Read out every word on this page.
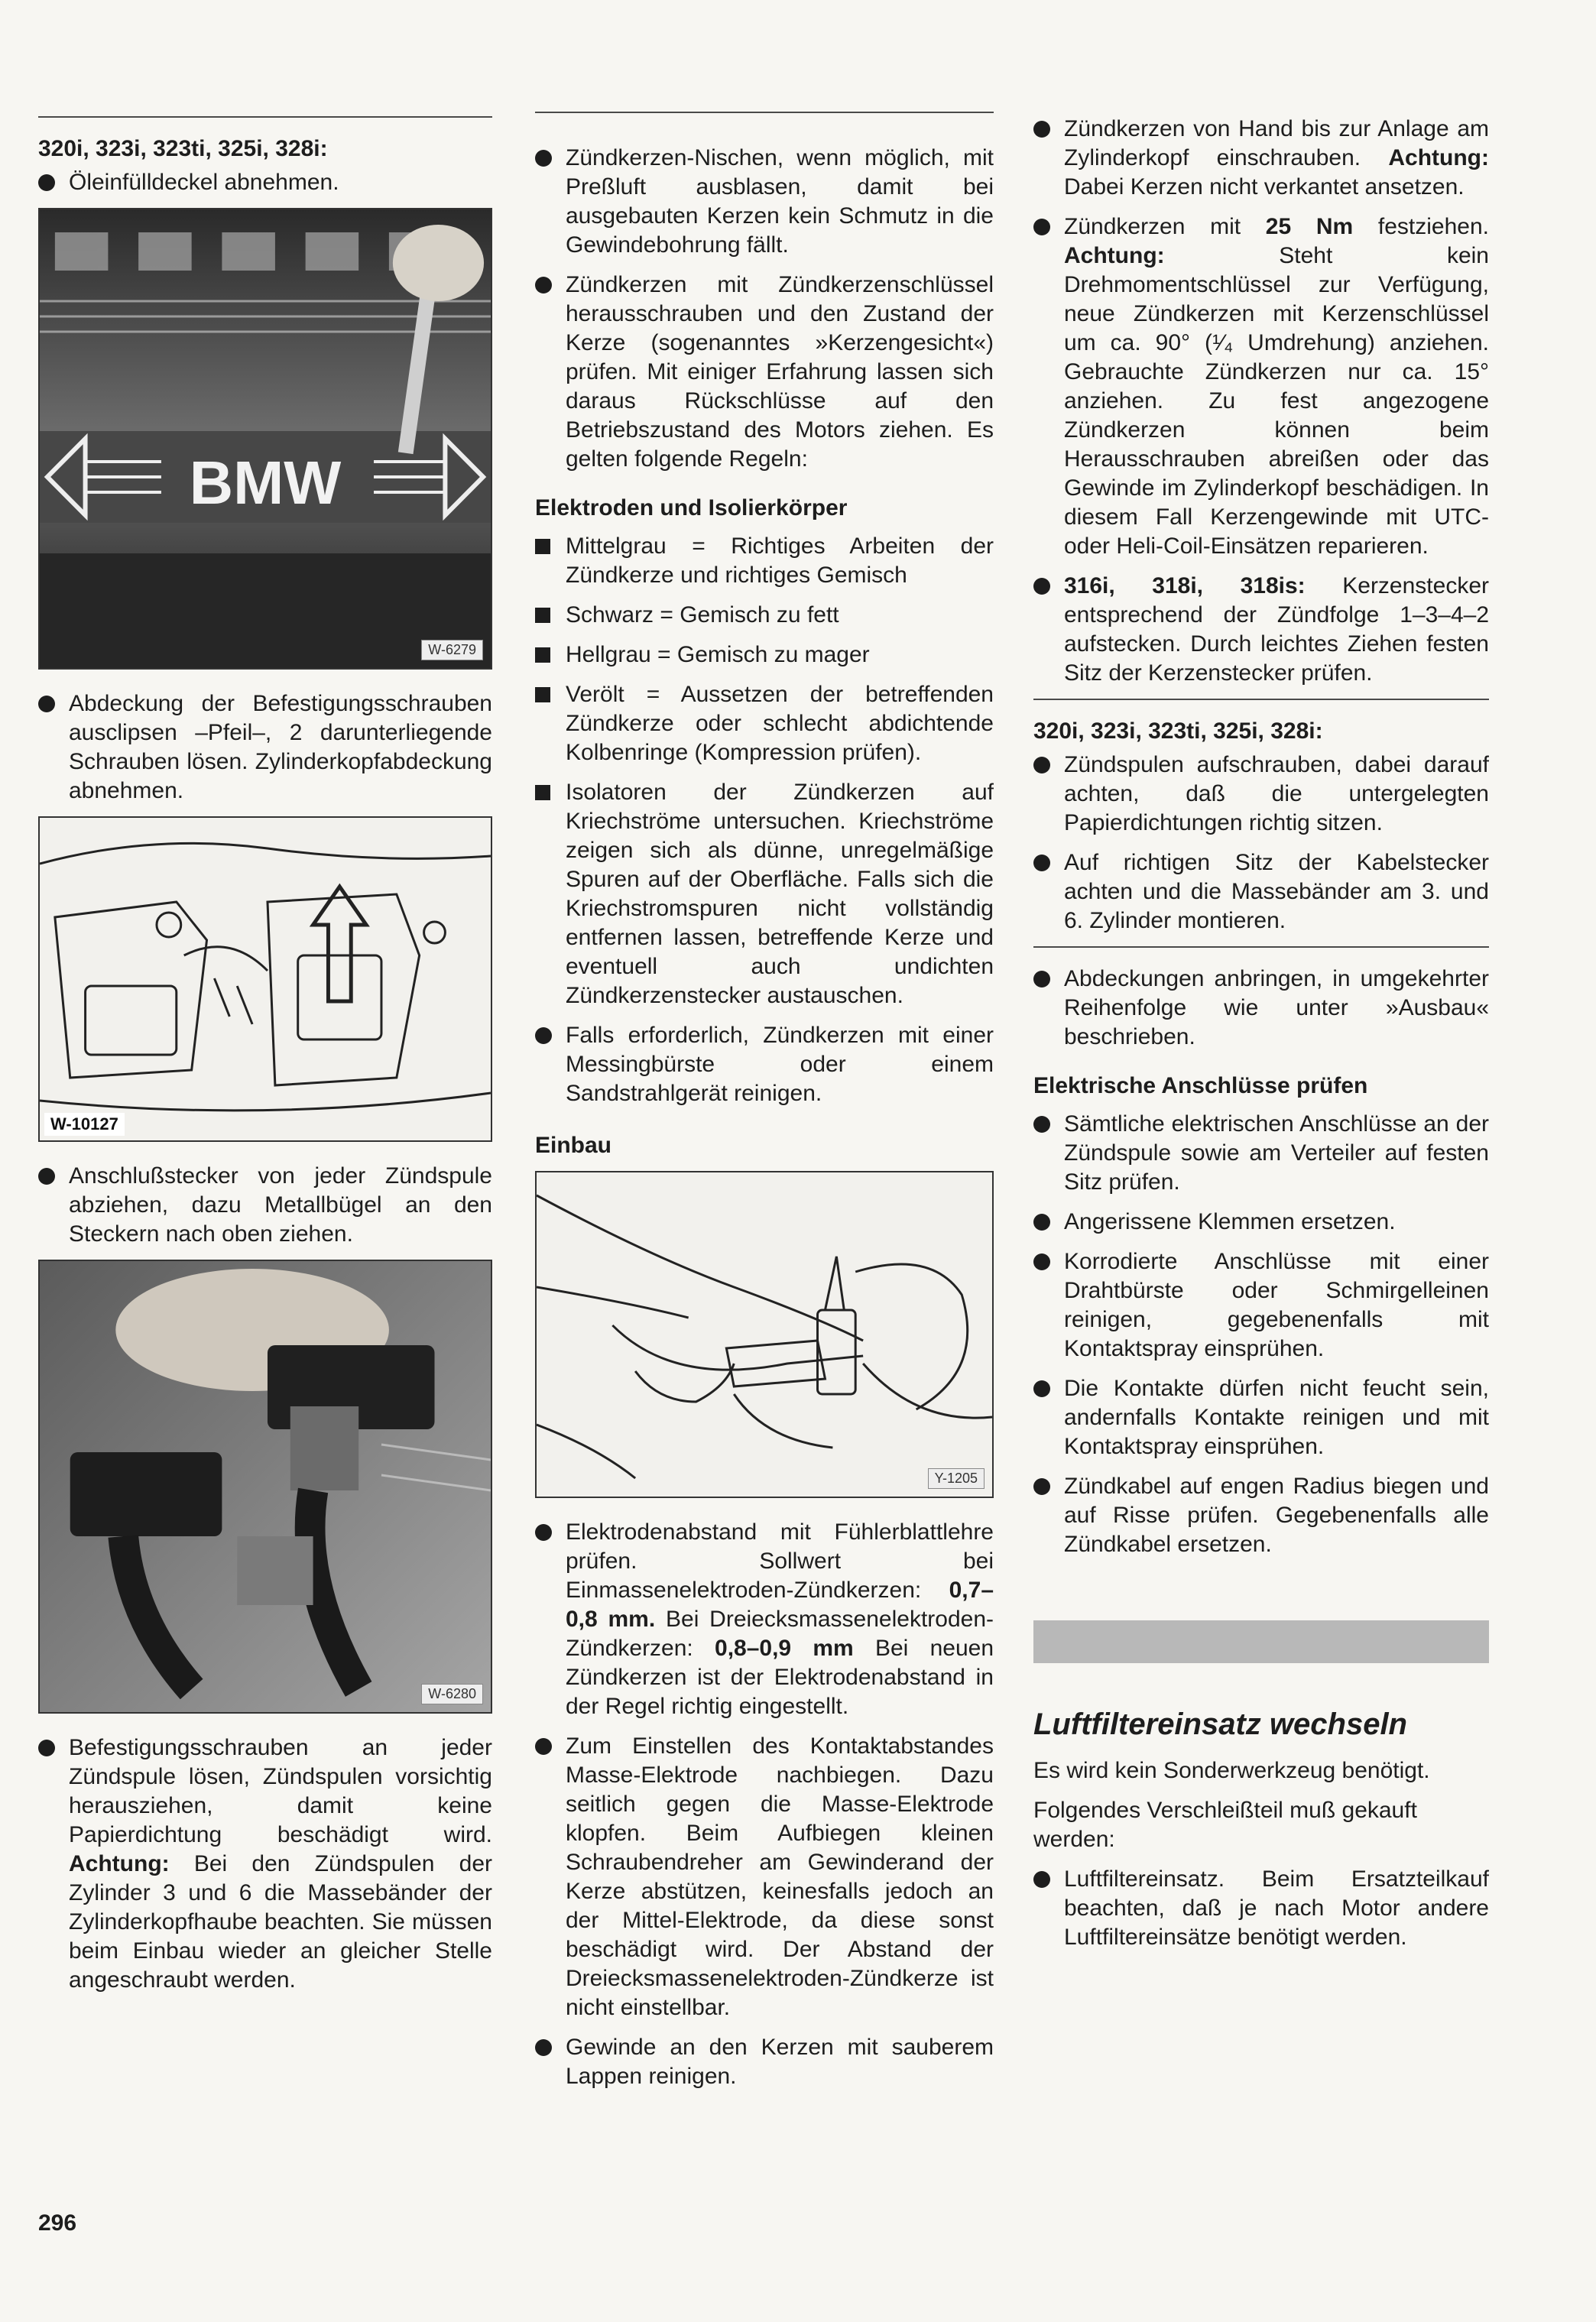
320i, 323i, 323ti, 325i, 328i:
Öleinfülldeckel abnehmen.
BMW
W-6279
Abdeckung der Befestigungsschrauben ausclipsen –Pfeil–, 2 darunterliegende Schrauben lösen. Zylinderkopfabdeckung abnehmen.
W-10127
Anschlußstecker von jeder Zündspule abziehen, dazu Metallbügel an den Steckern nach oben ziehen.
W-6280
Befestigungsschrauben an jeder Zündspule lösen, Zündspulen vorsichtig herausziehen, damit keine Papierdichtung beschädigt wird. Achtung: Bei den Zündspulen der Zylinder 3 und 6 die Massebänder der Zylinderkopfhaube beachten. Sie müssen beim Einbau wieder an gleicher Stelle angeschraubt werden.
Zündkerzen-Nischen, wenn möglich, mit Preßluft ausblasen, damit bei ausgebauten Kerzen kein Schmutz in die Gewindebohrung fällt.
Zündkerzen mit Zündkerzenschlüssel herausschrauben und den Zustand der Kerze (sogenanntes »Kerzengesicht«) prüfen. Mit einiger Erfahrung lassen sich daraus Rückschlüsse auf den Betriebszustand des Motors ziehen. Es gelten folgende Regeln:
Elektroden und Isolierkörper
Mittelgrau = Richtiges Arbeiten der Zündkerze und richtiges Gemisch
Schwarz = Gemisch zu fett
Hellgrau = Gemisch zu mager
Verölt = Aussetzen der betreffenden Zündkerze oder schlecht abdichtende Kolbenringe (Kompression prüfen).
Isolatoren der Zündkerzen auf Kriechströme untersuchen. Kriechströme zeigen sich als dünne, unregelmäßige Spuren auf der Oberfläche. Falls sich die Kriechstromspuren nicht vollständig entfernen lassen, betreffende Kerze und eventuell auch undichten Zündkerzenstecker austauschen.
Falls erforderlich, Zündkerzen mit einer Messingbürste oder einem Sandstrahlgerät reinigen.
Einbau
Y-1205
Elektrodenabstand mit Fühlerblattlehre prüfen. Sollwert bei Einmassenelektroden-Zündkerzen: 0,7–0,8 mm. Bei Dreiecksmassenelektroden-Zündkerzen: 0,8–0,9 mm Bei neuen Zündkerzen ist der Elektrodenabstand in der Regel richtig eingestellt.
Zum Einstellen des Kontaktabstandes Masse-Elektrode nachbiegen. Dazu seitlich gegen die Masse-Elektrode klopfen. Beim Aufbiegen kleinen Schraubendreher am Gewinderand der Kerze abstützen, keinesfalls jedoch an der Mittel-Elektrode, da diese sonst beschädigt wird. Der Abstand der Dreiecksmassenelektroden-Zündkerze ist nicht einstellbar.
Gewinde an den Kerzen mit sauberem Lappen reinigen.
Zündkerzen von Hand bis zur Anlage am Zylinderkopf einschrauben. Achtung: Dabei Kerzen nicht verkantet ansetzen.
Zündkerzen mit 25 Nm festziehen. Achtung: Steht kein Drehmomentschlüssel zur Verfügung, neue Zündkerzen mit Kerzenschlüssel um ca. 90° (¹⁄₄ Umdrehung) anziehen. Gebrauchte Zündkerzen nur ca. 15° anziehen. Zu fest angezogene Zündkerzen können beim Herausschrauben abreißen oder das Gewinde im Zylinderkopf beschädigen. In diesem Fall Kerzengewinde mit UTC- oder Heli-Coil-Einsätzen reparieren.
316i, 318i, 318is: Kerzenstecker entsprechend der Zündfolge 1–3–4–2 aufstecken. Durch leichtes Ziehen festen Sitz der Kerzenstecker prüfen.
320i, 323i, 323ti, 325i, 328i:
Zündspulen aufschrauben, dabei darauf achten, daß die untergelegten Papierdichtungen richtig sitzen.
Auf richtigen Sitz der Kabelstecker achten und die Massebänder am 3. und 6. Zylinder montieren.
Abdeckungen anbringen, in umgekehrter Reihenfolge wie unter »Ausbau« beschrieben.
Elektrische Anschlüsse prüfen
Sämtliche elektrischen Anschlüsse an der Zündspule sowie am Verteiler auf festen Sitz prüfen.
Angerissene Klemmen ersetzen.
Korrodierte Anschlüsse mit einer Drahtbürste oder Schmirgelleinen reinigen, gegebenenfalls mit Kontaktspray einsprühen.
Die Kontakte dürfen nicht feucht sein, andernfalls Kontakte reinigen und mit Kontaktspray einsprühen.
Zündkabel auf engen Radius biegen und auf Risse prüfen. Gegebenenfalls alle Zündkabel ersetzen.
Luftfiltereinsatz wechseln
Es wird kein Sonderwerkzeug benötigt.
Folgendes Verschleißteil muß gekauft werden:
Luftfiltereinsatz. Beim Ersatzteilkauf beachten, daß je nach Motor andere Luftfiltereinsätze benötigt werden.
296
